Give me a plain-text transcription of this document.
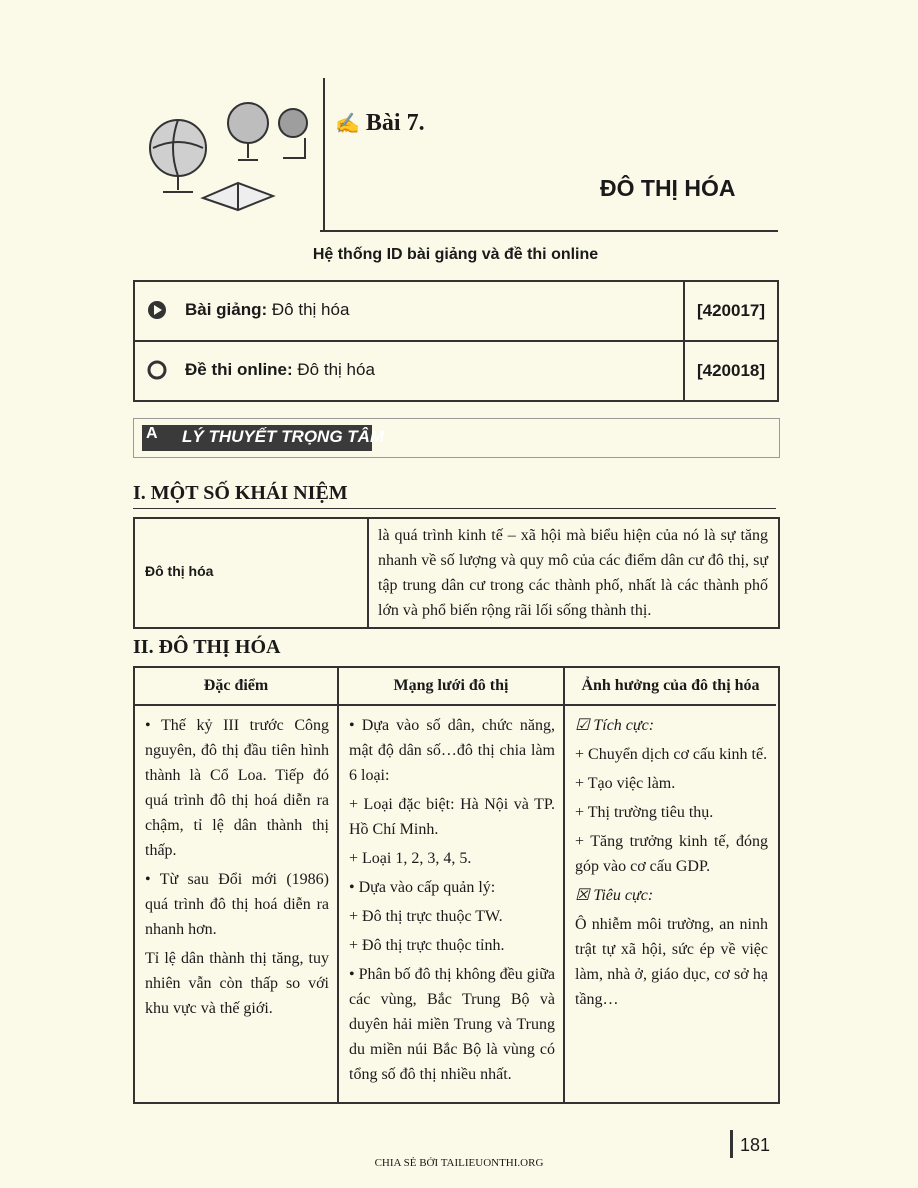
✍ Bài 7.
ĐÔ THỊ HÓA
Hệ thống ID bài giảng và đề thi online
Bài giảng: Đô thị hóa	[420017]
Đề thi online: Đô thị hóa	[420018]
A LÝ THUYẾT TRỌNG TÂM
I. MỘT SỐ KHÁI NIỆM
Đô thị hóa
là quá trình kinh tế – xã hội mà biểu hiện của nó là sự tăng nhanh về số lượng và quy mô của các điểm dân cư đô thị, sự tập trung dân cư trong các thành phố, nhất là các thành phố lớn và phổ biến rộng rãi lối sống thành thị.
II. ĐÔ THỊ HÓA
Đặc điểm

• Thế kỷ III trước Công nguyên, đô thị đầu tiên hình thành là Cổ Loa. Tiếp đó quá trình đô thị hoá diễn ra chậm, tỉ lệ dân thành thị thấp.

• Từ sau Đổi mới (1986) quá trình đô thị hoá diễn ra nhanh hơn.

Tỉ lệ dân thành thị tăng, tuy nhiên vẫn còn thấp so với khu vực và thế giới.

Mạng lưới đô thị

• Dựa vào số dân, chức năng, mật độ dân số…đô thị chia làm 6 loại:

+ Loại đặc biệt: Hà Nội và TP. Hồ Chí Minh.

+ Loại 1, 2, 3, 4, 5.

• Dựa vào cấp quản lý:

+ Đô thị trực thuộc TW.

+ Đô thị trực thuộc tỉnh.

• Phân bố đô thị không đều giữa các vùng, Bắc Trung Bộ và duyên hải miền Trung và Trung du miền núi Bắc Bộ là vùng có tổng số đô thị nhiều nhất.

Ảnh hưởng của đô thị hóa

☑ Tích cực:

+ Chuyển dịch cơ cấu kinh tế.

+ Tạo việc làm.

+ Thị trường tiêu thụ.

+ Tăng trưởng kinh tế, đóng góp vào cơ cấu GDP.

☒ Tiêu cực:

Ô nhiễm môi trường, an ninh trật tự xã hội, sức ép về việc làm, nhà ở, giáo dục, cơ sở hạ tầng…

181
CHIA SẺ BỞI TAILIEUONTHI.ORG
